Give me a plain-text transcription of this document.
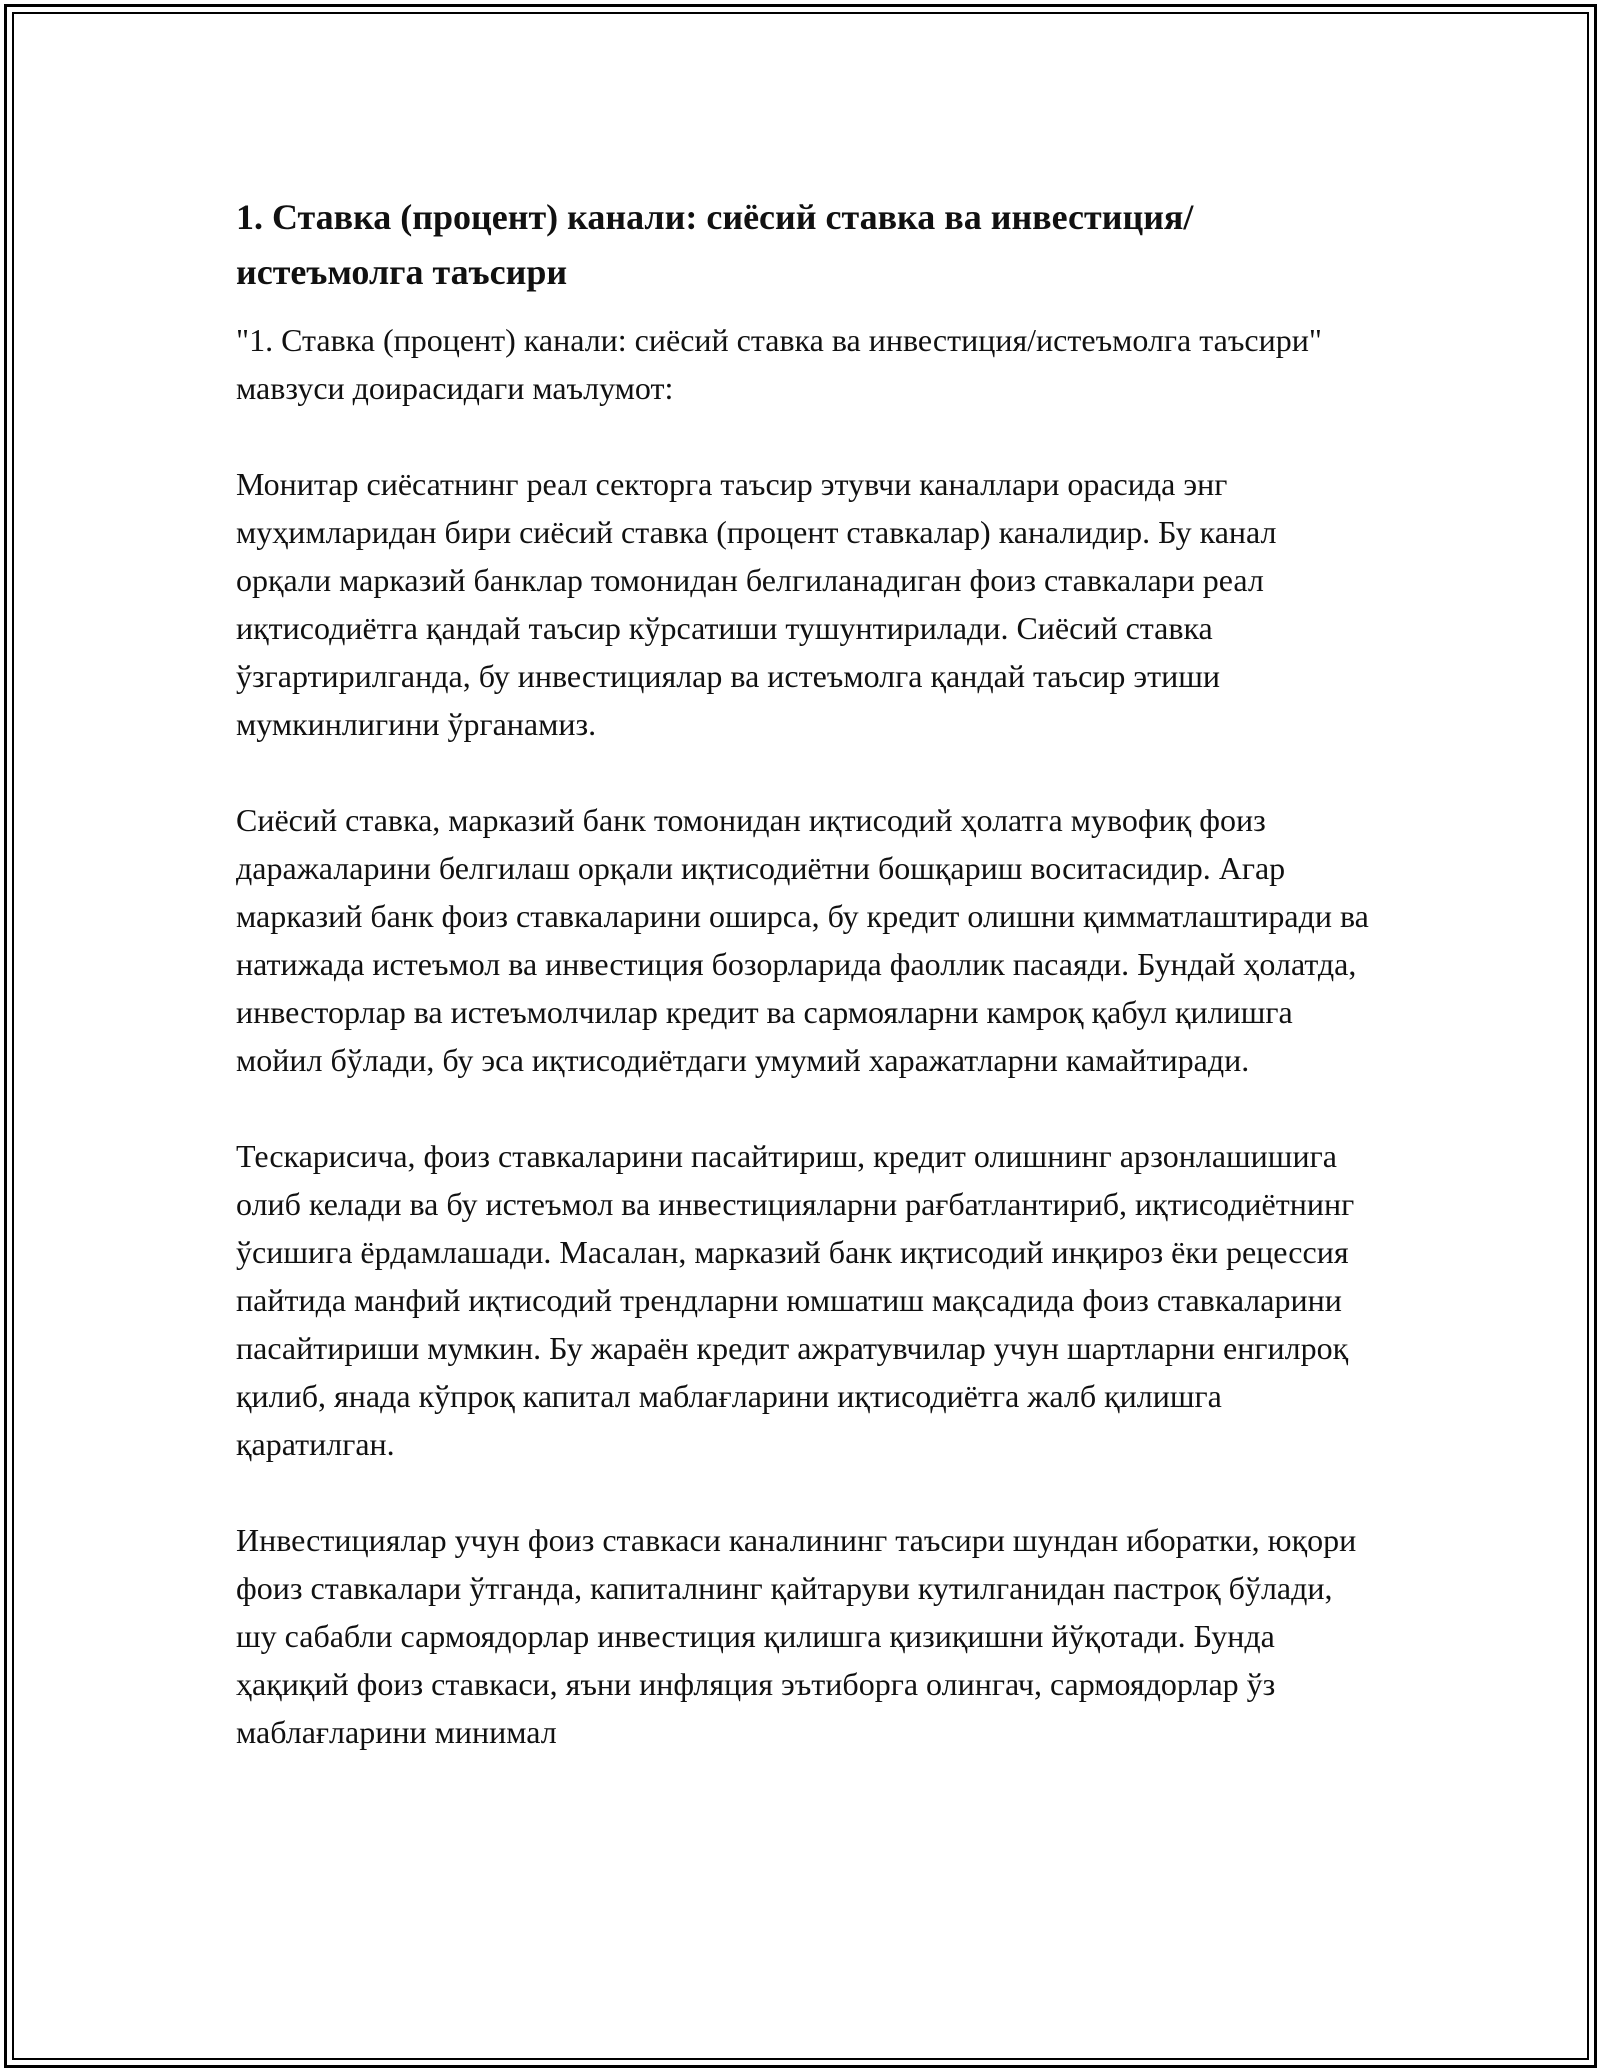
1. Ставка (процент) канали: сиёсий ставка ва инвестиция/истеъмолга таъсири

"1. Ставка (процент) канали: сиёсий ставка ва инвестиция/истеъмолга таъсири" мавзуси доирасидаги маълумот:

Монитар сиёсатнинг реал секторга таъсир этувчи каналлари орасида энг муҳимларидан бири сиёсий ставка (процент ставкалар) каналидир. Бу канал орқали марказий банклар томонидан белгиланадиган фоиз ставкалари реал иқтисодиётга қандай таъсир кўрсатиши тушунтирилади. Сиёсий ставка ўзгартирилганда, бу инвестициялар ва истеъмолга қандай таъсир этиши мумкинлигини ўрганамиз.

Сиёсий ставка, марказий банк томонидан иқтисодий ҳолатга мувофиқ фоиз даражаларини белгилаш орқали иқтисодиётни бошқариш воситасидир. Агар марказий банк фоиз ставкаларини оширса, бу кредит олишни қимматлаштиради ва натижада истеъмол ва инвестиция бозорларида фаоллик пасаяди. Бундай ҳолатда, инвесторлар ва истеъмолчилар кредит ва сармояларни камроқ қабул қилишга мойил бўлади, бу эса иқтисодиётдаги умумий харажатларни камайтиради.

Тескарисича, фоиз ставкаларини пасайтириш, кредит олишнинг арзонлашишига олиб келади ва бу истеъмол ва инвестицияларни рағбатлантириб, иқтисодиётнинг ўсишига ёрдамлашади. Масалан, марказий банк иқтисодий инқироз ёки рецессия пайтида манфий иқтисодий трендларни юмшатиш мақсадида фоиз ставкаларини пасайтириши мумкин. Бу жараён кредит ажратувчилар учун шартларни енгилроқ қилиб, янада кўпроқ капитал маблағларини иқтисодиётга жалб қилишга қаратилган.

Инвестициялар учун фоиз ставкаси каналининг таъсири шундан иборатки, юқори фоиз ставкалари ўтганда, капиталнинг қайтаруви кутилганидан пастроқ бўлади, шу сабабли сармоядорлар инвестиция қилишга қизиқишни йўқотади. Бунда ҳақиқий фоиз ставкаси, яъни инфляция эътиборга олингач, сармоядорлар ўз маблағларини минимал
